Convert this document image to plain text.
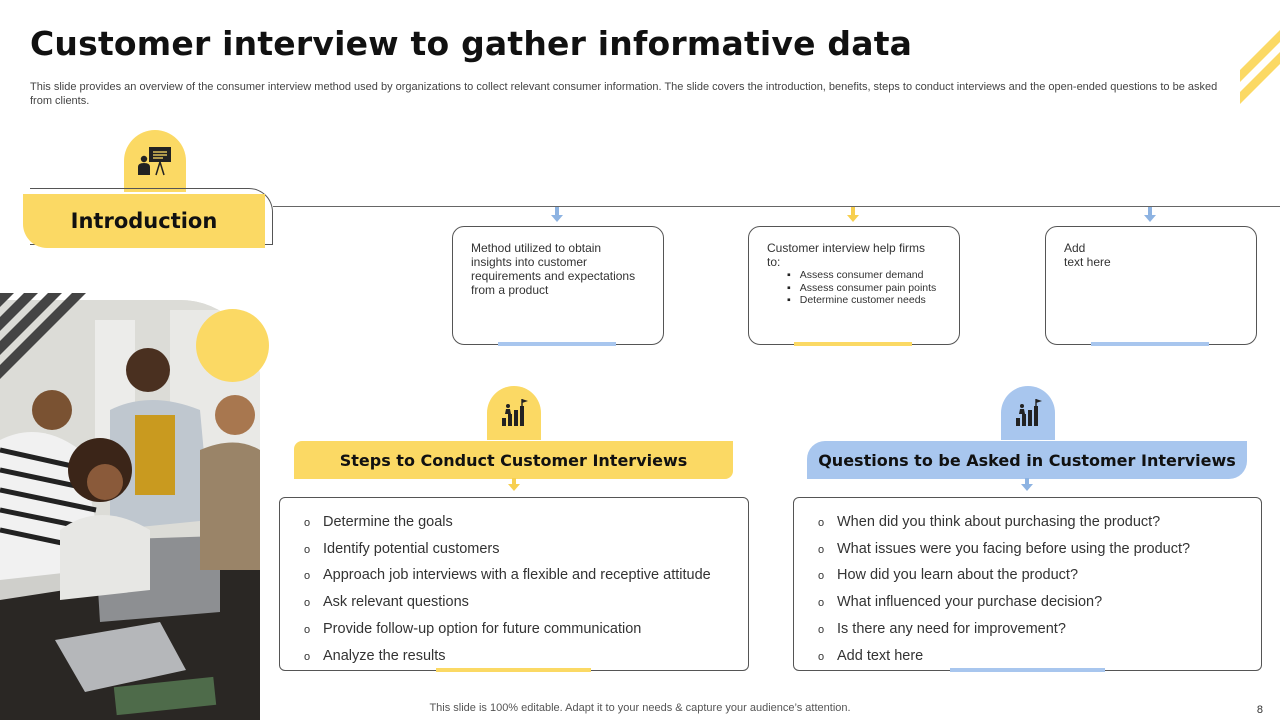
Customer interview to gather informative data
This slide provides an overview of the consumer interview method used by organizations to collect relevant consumer information. The slide covers the introduction, benefits, steps to conduct interviews and the open-ended questions to be asked from clients.
Introduction
Method utilized to obtain insights into customer requirements and expectations from a product
Customer interview help firms to:
▪ Assess consumer demand
▪ Assess consumer pain points
▪ Determine customer needs
Add
text here
Steps to Conduct Customer Interviews
o Determine the goals
o Identify potential customers
o Approach job interviews with a flexible and receptive attitude
o Ask relevant questions
o Provide follow-up option for future communication
o Analyze the results
Questions to be Asked in Customer Interviews
o When did you think about purchasing the product?
o What issues were you facing before using the product?
o How did you learn about the product?
o What influenced your purchase decision?
o Is there any need for improvement?
o Add text here
This slide is 100% editable. Adapt it to your needs & capture your audience’s attention.	8
